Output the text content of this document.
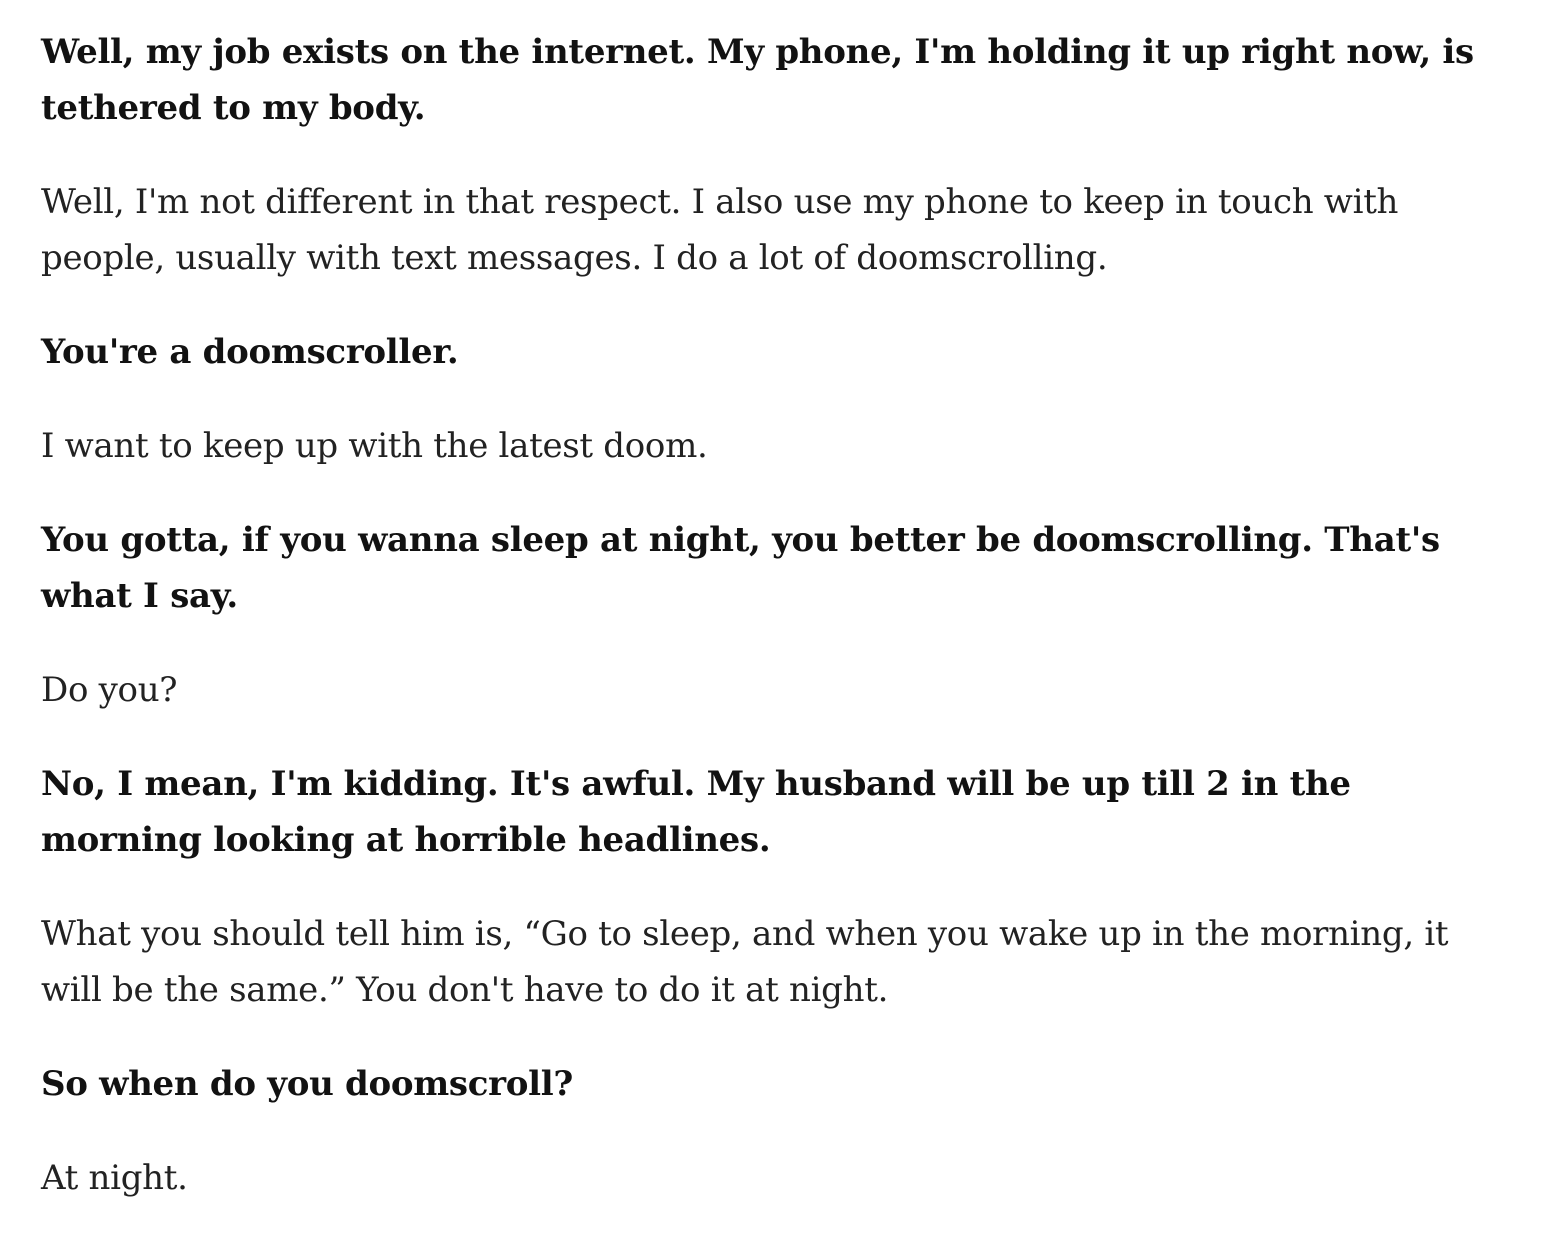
Well, my job exists on the internet. My phone, I'm holding it up right now, is tethered to my body.

Well, I'm not different in that respect. I also use my phone to keep in touch with people, usually with text messages. I do a lot of doomscrolling.

You're a doomscroller.

I want to keep up with the latest doom.

You gotta, if you wanna sleep at night, you better be doomscrolling. That's what I say.

Do you?

No, I mean, I'm kidding. It's awful. My husband will be up till 2 in the morning looking at horrible headlines.

What you should tell him is, “Go to sleep, and when you wake up in the morning, it will be the same.” You don't have to do it at night.

So when do you doomscroll?

At night.
